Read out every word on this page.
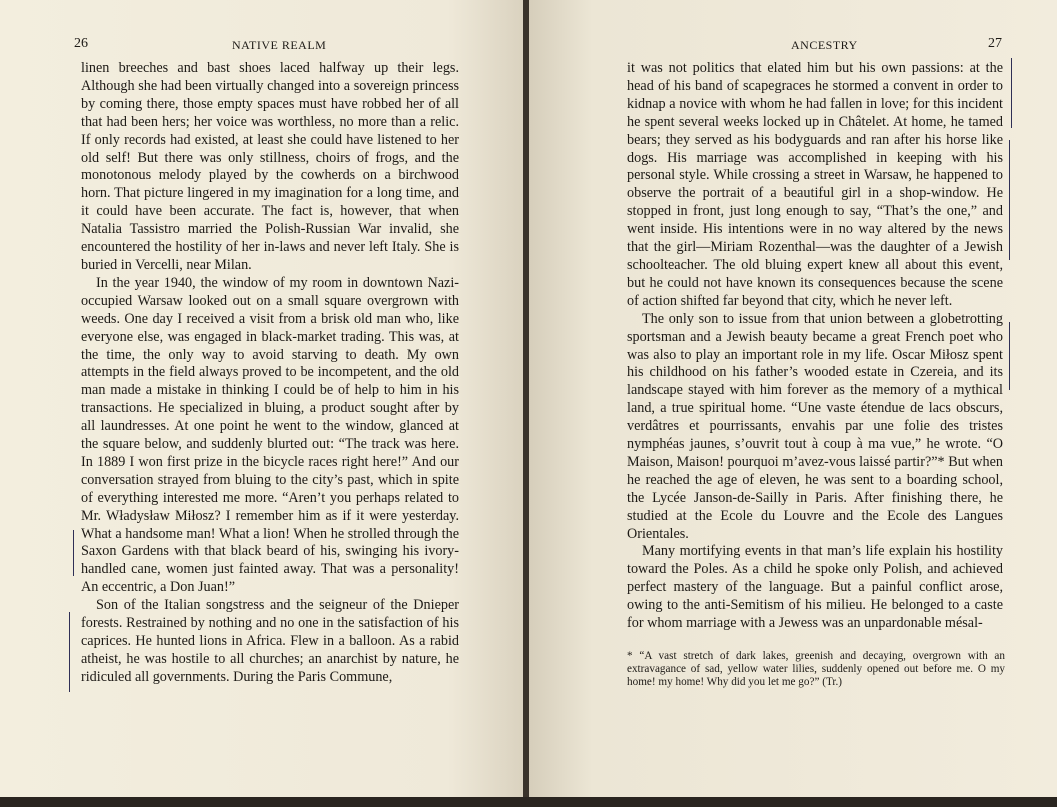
26	NATIVE REALM

linen breeches and bast shoes laced halfway up their legs. Although she had been virtually changed into a sovereign princess by coming there, those empty spaces must have robbed her of all that had been hers; her voice was worthless, no more than a relic. If only records had existed, at least she could have listened to her old self! But there was only stillness, choirs of frogs, and the monotonous melody played by the cowherds on a birchwood horn. That picture lingered in my imagination for a long time, and it could have been accurate. The fact is, however, that when Natalia Tassistro married the Polish-Russian War invalid, she encountered the hostility of her in-laws and never left Italy. She is buried in Vercelli, near Milan.

In the year 1940, the window of my room in downtown Nazi-occupied Warsaw looked out on a small square overgrown with weeds. One day I received a visit from a brisk old man who, like everyone else, was engaged in black-market trading. This was, at the time, the only way to avoid starving to death. My own attempts in the field always proved to be incompetent, and the old man made a mistake in thinking I could be of help to him in his transactions. He specialized in bluing, a product sought after by all laundresses. At one point he went to the window, glanced at the square below, and suddenly blurted out: “The track was here. In 1889 I won first prize in the bicycle races right here!” And our conversation strayed from bluing to the city’s past, which in spite of everything interested me more. “Aren’t you perhaps related to Mr. Władysław Miłosz? I remember him as if it were yesterday. What a handsome man! What a lion! When he strolled through the Saxon Gardens with that black beard of his, swinging his ivory-handled cane, women just fainted away. That was a personality! An eccentric, a Don Juan!”

Son of the Italian songstress and the seigneur of the Dnieper forests. Restrained by nothing and no one in the satisfaction of his caprices. He hunted lions in Africa. Flew in a balloon. As a rabid atheist, he was hostile to all churches; an anarchist by nature, he ridiculed all governments. During the Paris Commune,

ANCESTRY	27

it was not politics that elated him but his own passions: at the head of his band of scapegraces he stormed a convent in order to kidnap a novice with whom he had fallen in love; for this incident he spent several weeks locked up in Châtelet. At home, he tamed bears; they served as his bodyguards and ran after his horse like dogs. His marriage was accomplished in keeping with his personal style. While crossing a street in Warsaw, he happened to observe the portrait of a beautiful girl in a shop-window. He stopped in front, just long enough to say, “That’s the one,” and went inside. His intentions were in no way altered by the news that the girl—Miriam Rozenthal—was the daughter of a Jewish schoolteacher. The old bluing expert knew all about this event, but he could not have known its consequences because the scene of action shifted far beyond that city, which he never left.

The only son to issue from that union between a globetrotting sportsman and a Jewish beauty became a great French poet who was also to play an important role in my life. Oscar Miłosz spent his childhood on his father’s wooded estate in Czereia, and its landscape stayed with him forever as the memory of a mythical land, a true spiritual home. “Une vaste étendue de lacs obscurs, verdâtres et pourrissants, envahis par une folie des tristes nymphéas jaunes, s’ouvrit tout à coup à ma vue,” he wrote. “O Maison, Maison! pourquoi m’avez-vous laissé partir?”* But when he reached the age of eleven, he was sent to a boarding school, the Lycée Janson-de-Sailly in Paris. After finishing there, he studied at the Ecole du Louvre and the Ecole des Langues Orientales.

Many mortifying events in that man’s life explain his hostility toward the Poles. As a child he spoke only Polish, and achieved perfect mastery of the language. But a painful conflict arose, owing to the anti-Semitism of his milieu. He belonged to a caste for whom marriage with a Jewess was an unpardonable mésal-

* “A vast stretch of dark lakes, greenish and decaying, overgrown with an extravagance of sad, yellow water lilies, suddenly opened out before me. O my home! my home! Why did you let me go?” (Tr.)
